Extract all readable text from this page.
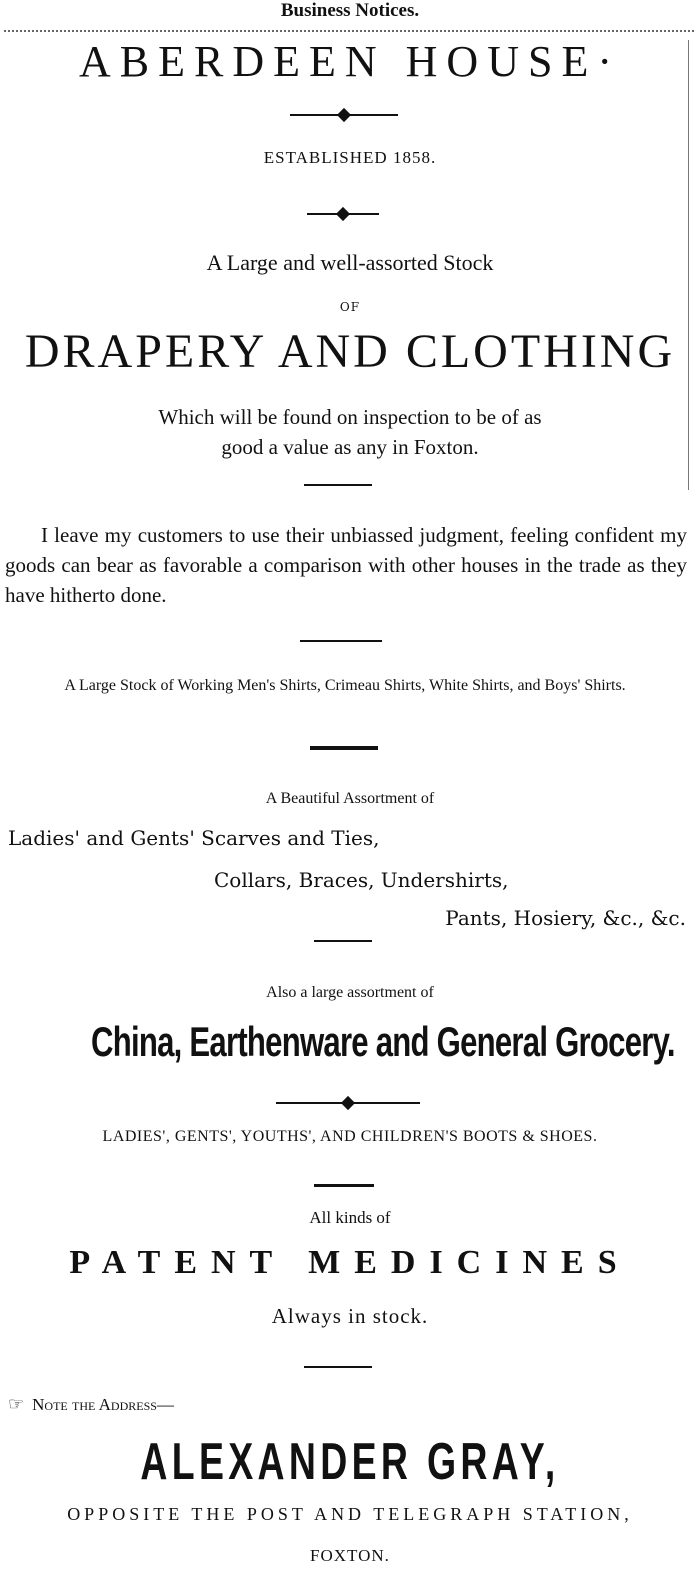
Business Notices.
ABERDEEN HOUSE·
ESTABLISHED 1858.
A Large and well-assorted Stock
OF
DRAPERY AND CLOTHING
Which will be found on inspection to be of as good a value as any in Foxton.
I leave my customers to use their unbiassed judgment, feeling confident my goods can bear as favorable a comparison with other houses in the trade as they have hitherto done.
A Large Stock of Working Men's Shirts, Crimeau Shirts, White Shirts, and Boys' Shirts.
A Beautiful Assortment of
Ladies' and Gents' Scarves and Ties,
Collars, Braces, Undershirts,
Pants, Hosiery, &c., &c.
Also a large assortment of
China, Earthenware and General Grocery.
LADIES', GENTS', YOUTHS', AND CHILDREN'S BOOTS & SHOES.
All kinds of
PATENT MEDICINES
Always in stock.
☞ Note the Address—
ALEXANDER GRAY,
OPPOSITE THE POST AND TELEGRAPH STATION,
FOXTON.
